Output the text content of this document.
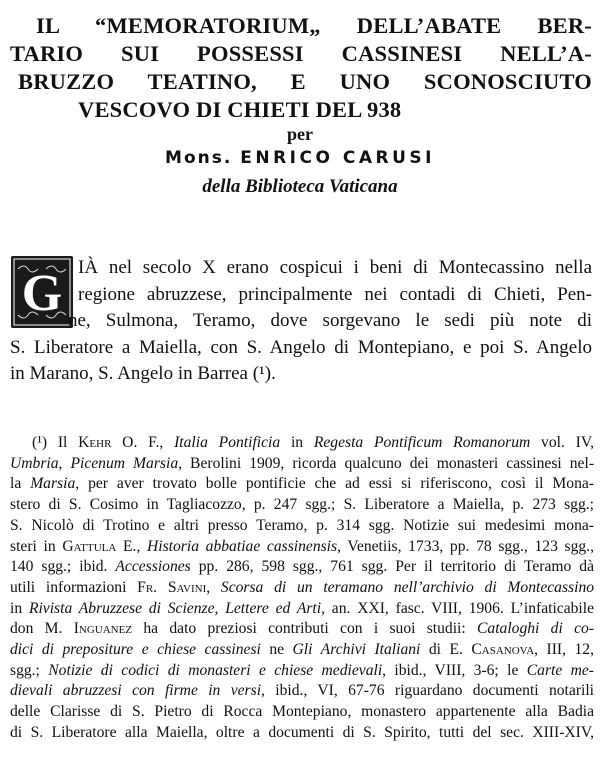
IL “MEMORATORIUM„ DELL’ABATE BER-
TARIO SUI POSSESSI CASSINESI NELL’A-
BRUZZO TEATINO, E UNO SCONOSCIUTO
VESCOVO DI CHIETI DEL 938
per
Mons. ENRICO CARUSI
della Biblioteca Vaticana
G IÀ nel secolo X erano cospicui i beni di Montecassino nella
regione abruzzese, principalmente nei contadi di Chieti, Pen-
ne, Sulmona, Teramo, dove sorgevano le sedi più note di
S. Liberatore a Maiella, con S. Angelo di Montepiano, e poi S. Angelo
in Marano, S. Angelo in Barrea (¹).
(¹) Il Kehr O. F., Italia Pontificia in Regesta Pontificum Romanorum vol. IV,
Umbria, Picenum Marsia, Berolini 1909, ricorda qualcuno dei monasteri cassinesi nel-
la Marsia, per aver trovato bolle pontificie che ad essi si riferiscono, così il Mona-
stero di S. Cosimo in Tagliacozzo, p. 247 sgg.; S. Liberatore a Maiella, p. 273 sgg.;
S. Nicolò di Trotino e altri presso Teramo, p. 314 sgg. Notizie sui medesimi mona-
steri in Gattula E., Historia abbatiae cassinensis, Venetiis, 1733, pp. 78 sgg., 123 sgg.,
140 sgg.; ibid. Accessiones pp. 286, 598 sgg., 761 sgg. Per il territorio di Teramo dà
utili informazioni Fr. Savini, Scorsa di un teramano nell’archivio di Montecassino
in Rivista Abruzzese di Scienze, Lettere ed Arti, an. XXI, fasc. VIII, 1906. L’infaticabile
don M. Inguanez ha dato preziosi contributi con i suoi studii: Cataloghi di co-
dici di prepositure e chiese cassinesi ne Gli Archivi Italiani di E. Casanova, III, 12,
sgg.; Notizie di codici di monasteri e chiese medievali, ibid., VIII, 3-6; le Carte me-
dievali abruzzesi con firme in versi, ibid., VI, 67-76 riguardano documenti notarili
delle Clarisse di S. Pietro di Rocca Montepiano, monastero appartenente alla Badia
di S. Liberatore alla Maiella, oltre a documenti di S. Spirito, tutti del sec. XIII-XIV,
